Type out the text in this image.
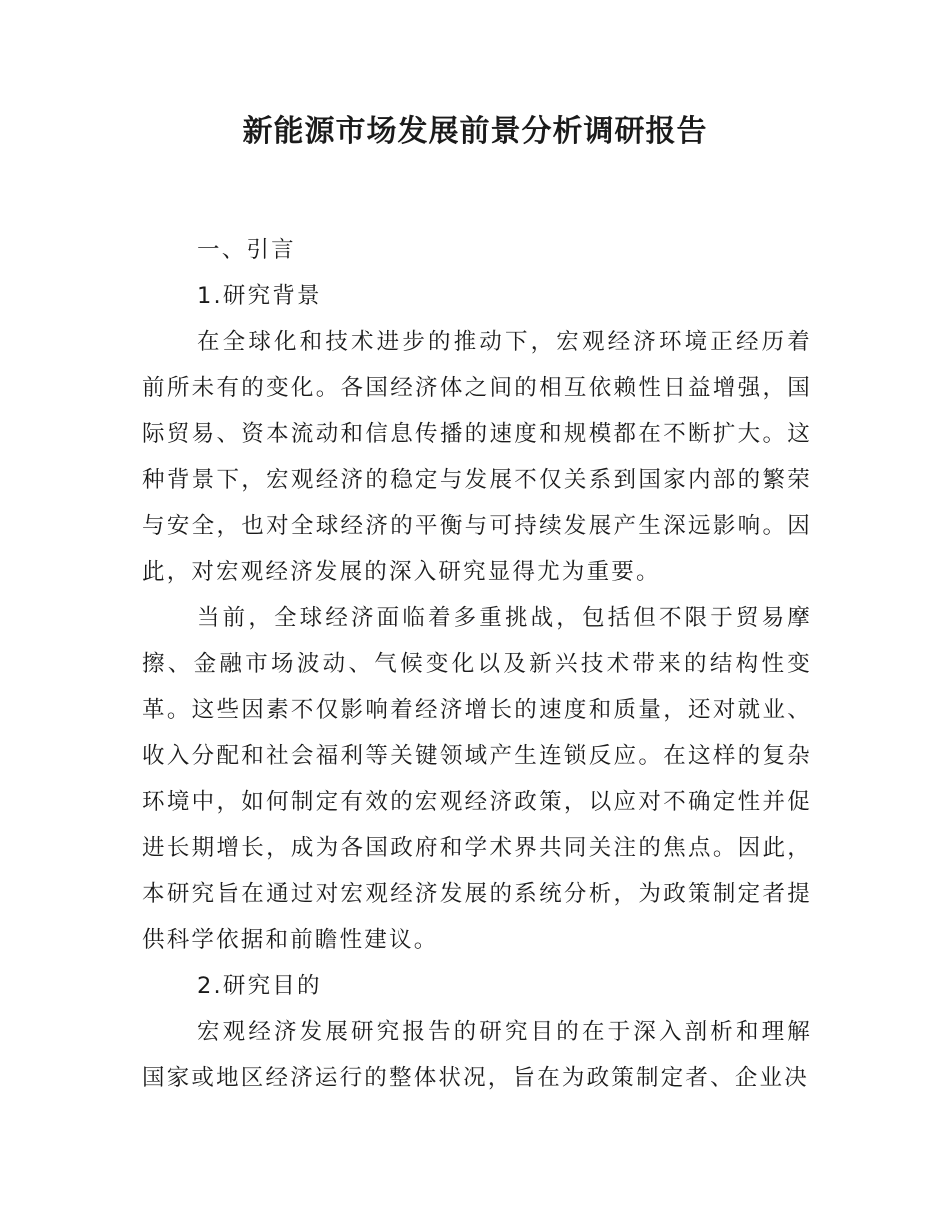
新能源市场发展前景分析调研报告

一、引言

1.研究背景

在全球化和技术进步的推动下，宏观经济环境正经历着前所未有的变化。各国经济体之间的相互依赖性日益增强，国际贸易、资本流动和信息传播的速度和规模都在不断扩大。这种背景下，宏观经济的稳定与发展不仅关系到国家内部的繁荣与安全，也对全球经济的平衡与可持续发展产生深远影响。因此，对宏观经济发展的深入研究显得尤为重要。

当前，全球经济面临着多重挑战，包括但不限于贸易摩擦、金融市场波动、气候变化以及新兴技术带来的结构性变革。这些因素不仅影响着经济增长的速度和质量，还对就业、收入分配和社会福利等关键领域产生连锁反应。在这样的复杂环境中，如何制定有效的宏观经济政策，以应对不确定性并促进长期增长，成为各国政府和学术界共同关注的焦点。因此，本研究旨在通过对宏观经济发展的系统分析，为政策制定者提供科学依据和前瞻性建议。

2.研究目的

宏观经济发展研究报告的研究目的在于深入剖析和理解国家或地区经济运行的整体状况，旨在为政策制定者、企业决
